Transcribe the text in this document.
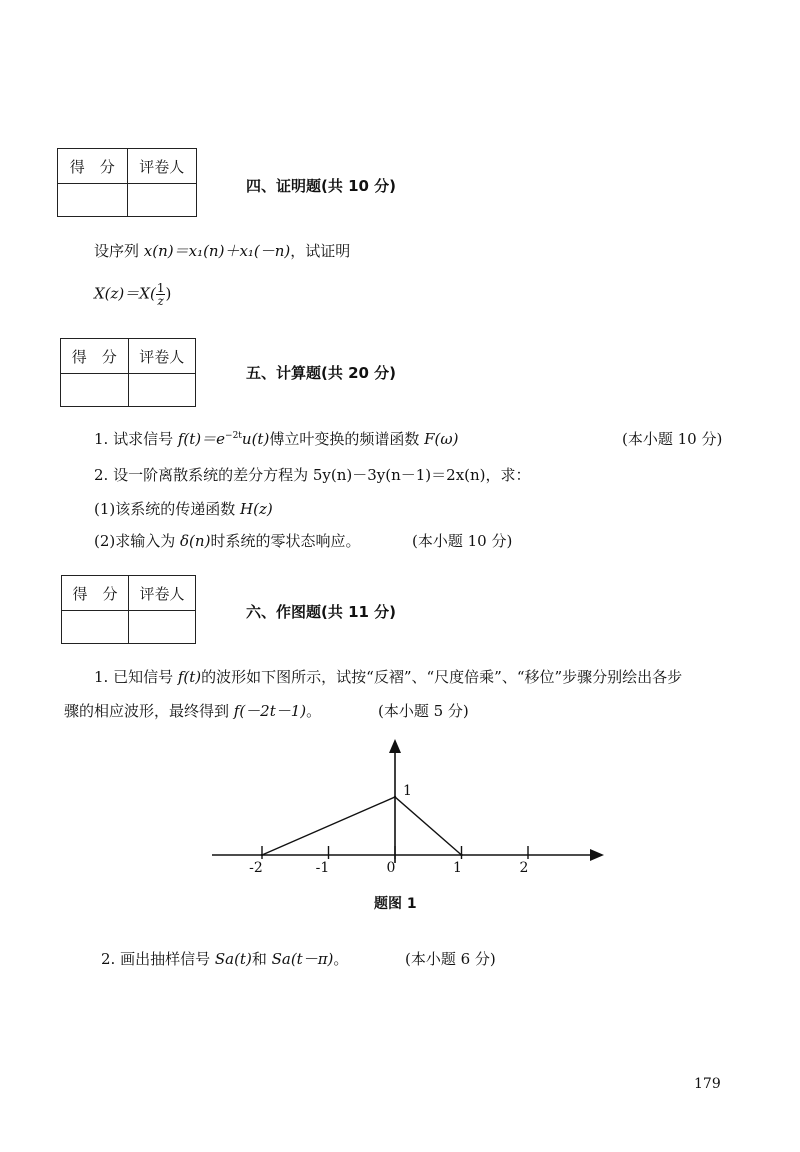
得　分	评卷人

四、证明题(共 10 分)
设序列 x(n)＝x₁(n)＋x₁(－n)，试证明
$X(z)=X( \frac{1}{z}$ )
得　分	评卷人

五、计算题(共 20 分)
1. 试求信号 $f(t)=e^{-2t}u(t)$傅立叶变换的频谱函数 F(ω)	(本小题 10 分)
2. 设一阶离散系统的差分方程为 5y(n)－3y(n－1)＝2x(n)，求：
(1)该系统的传递函数 H(z)
(2)求输入为 δ(n)时系统的零状态响应。	(本小题 10 分)
得　分	评卷人

六、作图题(共 11 分)
1. 已知信号 f(t)的波形如下图所示，试按“反褶”、“尺度倍乘”、“移位”步骤分别绘出各步
骤的相应波形，最终得到 f(－2t－1)。	(本小题 5 分)
-2	-1	0	1	2
1
题图 1
2. 画出抽样信号 Sa(t)和 Sa(t－π)。	(本小题 6 分)
179
